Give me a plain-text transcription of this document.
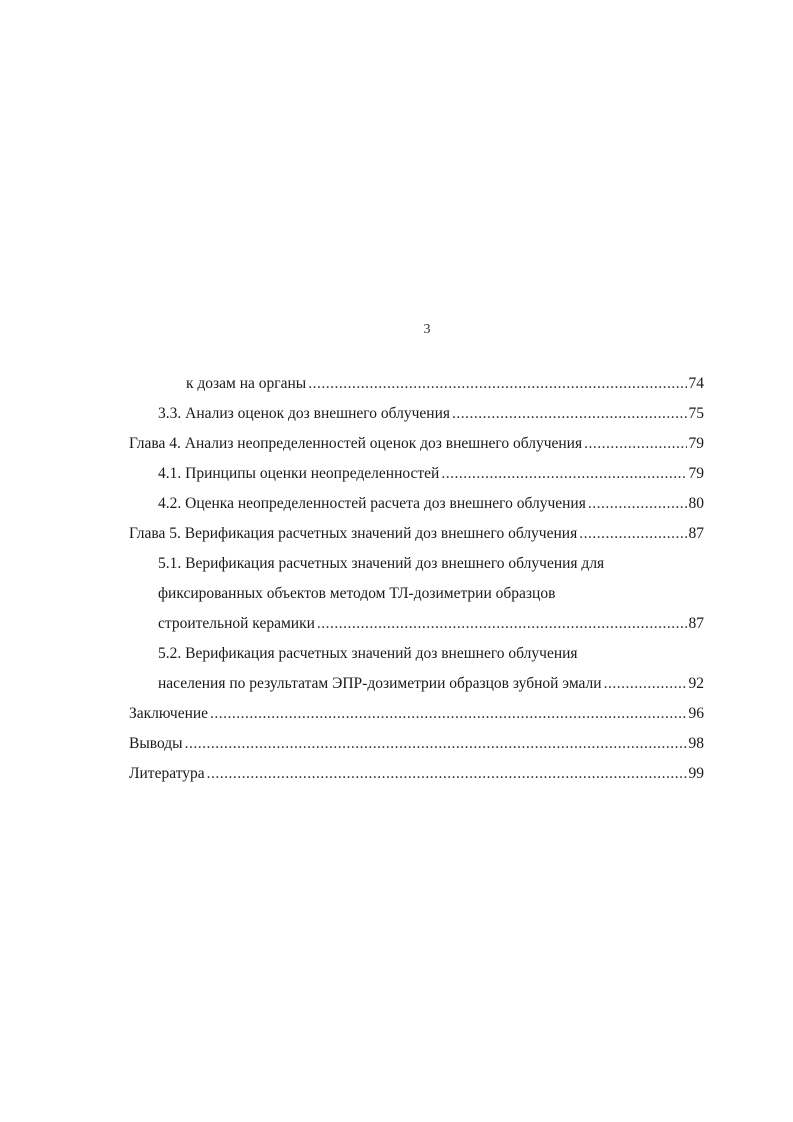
3
к дозам на органы .....	74
3.3. Анализ оценок доз внешнего облучения .....	75
Глава 4. Анализ неопределенностей оценок доз внешнего облучения .....	79
4.1. Принципы оценки неопределенностей .....	79
4.2. Оценка неопределенностей расчета доз внешнего облучения .....	80
Глава 5. Верификация расчетных значений доз внешнего облучения .....	87
5.1. Верификация расчетных значений доз внешнего облучения для
фиксированных объектов методом ТЛ-дозиметрии образцов
строительной керамики .....	87
5.2. Верификация расчетных значений доз внешнего облучения
населения по результатам ЭПР-дозиметрии образцов зубной эмали .....	92
Заключение .....	96
Выводы .....	98
Литература .....	99
